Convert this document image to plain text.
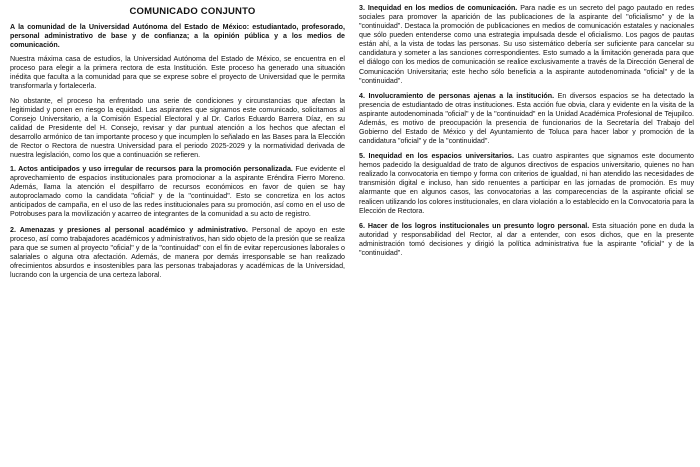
COMUNICADO CONJUNTO

A la comunidad de la Universidad Autónoma del Estado de México: estudiantado, profesorado, personal administrativo de base y de confianza; a la opinión pública y a los medios de comunicación.

Nuestra máxima casa de estudios, la Universidad Autónoma del Estado de México, se encuentra en el proceso para elegir a la primera rectora de esta Institución. Este proceso ha generado una situación inédita que faculta a la comunidad para que se exprese sobre el proyecto de Universidad que le permita transformarla y fortalecerla.

No obstante, el proceso ha enfrentado una serie de condiciones y circunstancias que afectan la legitimidad y ponen en riesgo la equidad. Las aspirantes que signamos este comunicado, solicitamos al Consejo Universitario, a la Comisión Especial Electoral y al Dr. Carlos Eduardo Barrera Díaz, en su calidad de Presidente del H. Consejo, revisar y dar puntual atención a los hechos que afectan el desarrollo armónico de tan importante proceso y que incumplen lo señalado en las Bases para la Elección de Rector o Rectora de nuestra Universidad para el periodo 2025-2029 y la normatividad derivada de nuestra legislación, como los que a continuación se refieren.

1. Actos anticipados y uso irregular de recursos para la promoción personalizada. Fue evidente el aprovechamiento de espacios institucionales para promocionar a la aspirante Eréndira Fierro Moreno. Además, llama la atención el despilfarro de recursos económicos en favor de quien se hay autoproclamado como la candidata "oficial" y de la "continuidad". Esto se concretiza en los actos anticipados de campaña, en el uso de las redes institucionales para su promoción, así como en el uso de Potrobuses para la movilización y acarreo de integrantes de la comunidad a su acto de registro.

2. Amenazas y presiones al personal académico y administrativo. Personal de apoyo en este proceso, así como trabajadores académicos y administrativos, han sido objeto de la presión que se realiza para que se sumen al proyecto "oficial" y de la "continuidad" con el fin de evitar repercusiones laborales o salariales o alguna otra afectación. Además, de manera por demás irresponsable se han realizado ofrecimientos absurdos e insostenibles para las personas trabajadoras y académicas de la Universidad, lucrando con la urgencia de una certeza laboral.

3. Inequidad en los medios de comunicación. Para nadie es un secreto del pago pautado en redes sociales para promover la aparición de las publicaciones de la aspirante del "oficialismo" y de la "continuidad". Destaca la promoción de publicaciones en medios de comunicación estatales y nacionales que sólo pueden entenderse como una estrategia impulsada desde el oficialismo. Los pagos de pautas están ahí, a la vista de todas las personas. Su uso sistemático debería ser suficiente para cancelar su candidatura y someter a las sanciones correspondientes. Esto sumado a la limitación generada para que el diálogo con los medios de comunicación se realice exclusivamente a través de la Dirección General de Comunicación Universitaria; este hecho sólo beneficia a la aspirante autodenominada "oficial" y de la "continuidad".

4. Involucramiento de personas ajenas a la institución. En diversos espacios se ha detectado la presencia de estudiantado de otras instituciones. Esta acción fue obvia, clara y evidente en la visita de la aspirante autodenominada "oficial" y de la "continuidad" en la Unidad Académica Profesional de Tejupilco. Además, es motivo de preocupación la presencia de funcionarios de la Secretaría del Trabajo del Gobierno del Estado de México y del Ayuntamiento de Toluca para hacer labor y promoción de la candidatura "oficial" y de la "continuidad".

5. Inequidad en los espacios universitarios. Las cuatro aspirantes que signamos este documento hemos padecido la desigualdad de trato de algunos directivos de espacios universitario, quienes no han realizado la convocatoria en tiempo y forma con criterios de igualdad, ni han atendido las necesidades de transmisión digital e incluso, han sido renuentes a participar en las jornadas de promoción. Es muy alarmante que en algunos casos, las convocatorias a las comparecencias de la aspirante oficial se realicen utilizando los colores institucionales, en clara violación a lo establecido en la Convocatoria para la Elección de Rectora.

6. Hacer de los logros institucionales un presunto logro personal. Esta situación pone en duda la autoridad y responsabilidad del Rector, al dar a entender, con esos dichos, que en la presente administración tomó decisiones y dirigió la política administrativa fue la aspirante "oficial" y de la "continuidad".
